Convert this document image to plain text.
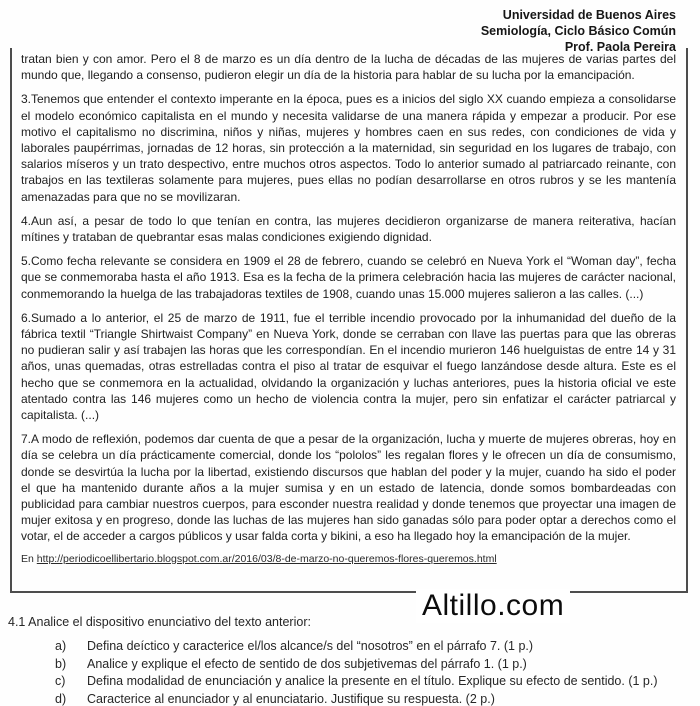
Universidad de Buenos Aires
Semiología, Ciclo Básico Común
Prof. Paola Pereira

tratan bien y con amor. Pero el 8 de marzo es un día dentro de la lucha de décadas de las mujeres de varias partes del mundo que, llegando a consenso, pudieron elegir un día de la historia para hablar de su lucha por la emancipación.

3.Tenemos que entender el contexto imperante en la época, pues es a inicios del siglo XX cuando empieza a consolidarse el modelo económico capitalista en el mundo y necesita validarse de una manera rápida y empezar a producir. Por ese motivo el capitalismo no discrimina, niños y niñas, mujeres y hombres caen en sus redes, con condiciones de vida y laborales paupérrimas, jornadas de 12 horas, sin protección a la maternidad, sin seguridad en los lugares de trabajo, con salarios míseros y un trato despectivo, entre muchos otros aspectos. Todo lo anterior sumado al patriarcado reinante, con trabajos en las textileras solamente para mujeres, pues ellas no podían desarrollarse en otros rubros y se les mantenía amenazadas para que no se movilizaran.

4.Aun así, a pesar de todo lo que tenían en contra, las mujeres decidieron organizarse de manera reiterativa, hacían mítines y trataban de quebrantar esas malas condiciones exigiendo dignidad.

5.Como fecha relevante se considera en 1909 el 28 de febrero, cuando se celebró en Nueva York el “Woman day”, fecha que se conmemoraba hasta el año 1913. Esa es la fecha de la primera celebración hacia las mujeres de carácter nacional, conmemorando la huelga de las trabajadoras textiles de 1908, cuando unas 15.000 mujeres salieron a las calles. (...)

6.Sumado a lo anterior, el 25 de marzo de 1911, fue el terrible incendio provocado por la inhumanidad del dueño de la fábrica textil “Triangle Shirtwaist Company” en Nueva York, donde se cerraban con llave las puertas para que las obreras no pudieran salir y así trabajen las horas que les correspondían. En el incendio murieron 146 huelguistas de entre 14 y 31 años, unas quemadas, otras estrelladas contra el piso al tratar de esquivar el fuego lanzándose desde altura. Este es el hecho que se conmemora en la actualidad, olvidando la organización y luchas anteriores, pues la historia oficial ve este atentado contra las 146 mujeres como un hecho de violencia contra la mujer, pero sin enfatizar el carácter patriarcal y capitalista. (...)

7.A modo de reflexión, podemos dar cuenta de que a pesar de la organización, lucha y muerte de mujeres obreras, hoy en día se celebra un día prácticamente comercial, donde los “pololos” les regalan flores y le ofrecen un día de consumismo, donde se desvirtúa la lucha por la libertad, existiendo discursos que hablan del poder y la mujer, cuando ha sido el poder el que ha mantenido durante años a la mujer sumisa y en un estado de latencia, donde somos bombardeadas con publicidad para cambiar nuestros cuerpos, para esconder nuestra realidad y donde tenemos que proyectar una imagen de mujer exitosa y en progreso, donde las luchas de las mujeres han sido ganadas sólo para poder optar a derechos como el votar, el de acceder a cargos públicos y usar falda corta y bikini, a eso ha llegado hoy la emancipación de la mujer.

En http://periodicoellibertario.blogspot.com.ar/2016/03/8-de-marzo-no-queremos-flores-queremos.html
Altillo.com
4.1 Analice el dispositivo enunciativo del texto anterior:
a)	Defina deíctico y caracterice el/los alcance/s del “nosotros” en el párrafo 7. (1 p.)
b)	Analice y explique el efecto de sentido de dos subjetivemas del párrafo 1. (1 p.)
c)	Defina modalidad de enunciación y analice la presente en el título. Explique su efecto de sentido. (1 p.)
d)	Caracterice al enunciador y al enunciatario. Justifique su respuesta. (2 p.)
